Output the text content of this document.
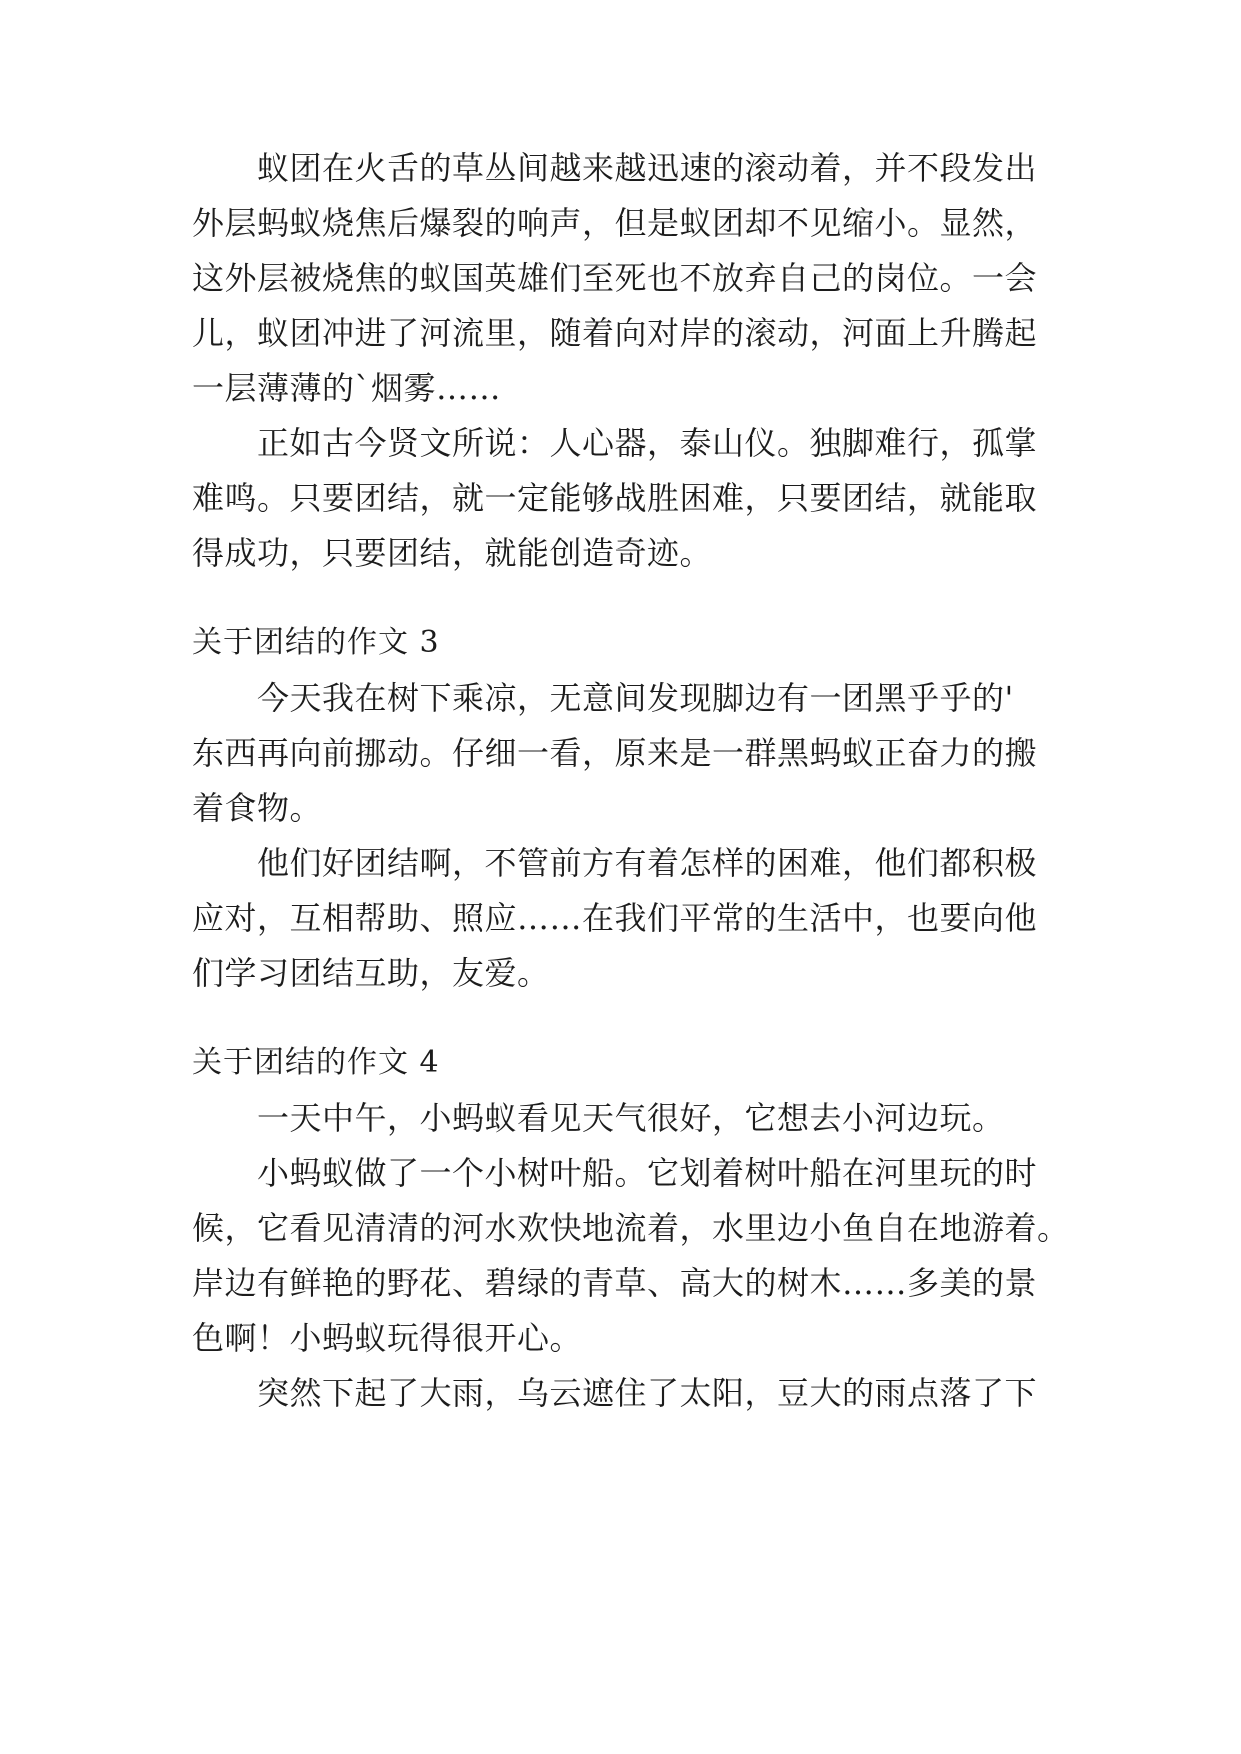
蚁团在火舌的草丛间越来越迅速的滚动着，并不段发出
外层蚂蚁烧焦后爆裂的响声，但是蚁团却不见缩小。显然，
这外层被烧焦的蚁国英雄们至死也不放弃自己的岗位。一会
儿，蚁团冲进了河流里，随着向对岸的滚动，河面上升腾起
一层薄薄的`烟雾……
正如古今贤文所说：人心器，泰山仪。独脚难行，孤掌
难鸣。只要团结，就一定能够战胜困难，只要团结，就能取
得成功，只要团结，就能创造奇迹。
关于团结的作文 3
今天我在树下乘凉，无意间发现脚边有一团黑乎乎的'
东西再向前挪动。仔细一看，原来是一群黑蚂蚁正奋力的搬
着食物。
他们好团结啊，不管前方有着怎样的困难，他们都积极
应对，互相帮助、照应……在我们平常的生活中，也要向他
们学习团结互助，友爱。
关于团结的作文 4
一天中午，小蚂蚁看见天气很好，它想去小河边玩。
小蚂蚁做了一个小树叶船。它划着树叶船在河里玩的时
候，它看见清清的河水欢快地流着，水里边小鱼自在地游着。
岸边有鲜艳的野花、碧绿的青草、高大的树木……多美的景
色啊！小蚂蚁玩得很开心。
突然下起了大雨，乌云遮住了太阳，豆大的雨点落了下
